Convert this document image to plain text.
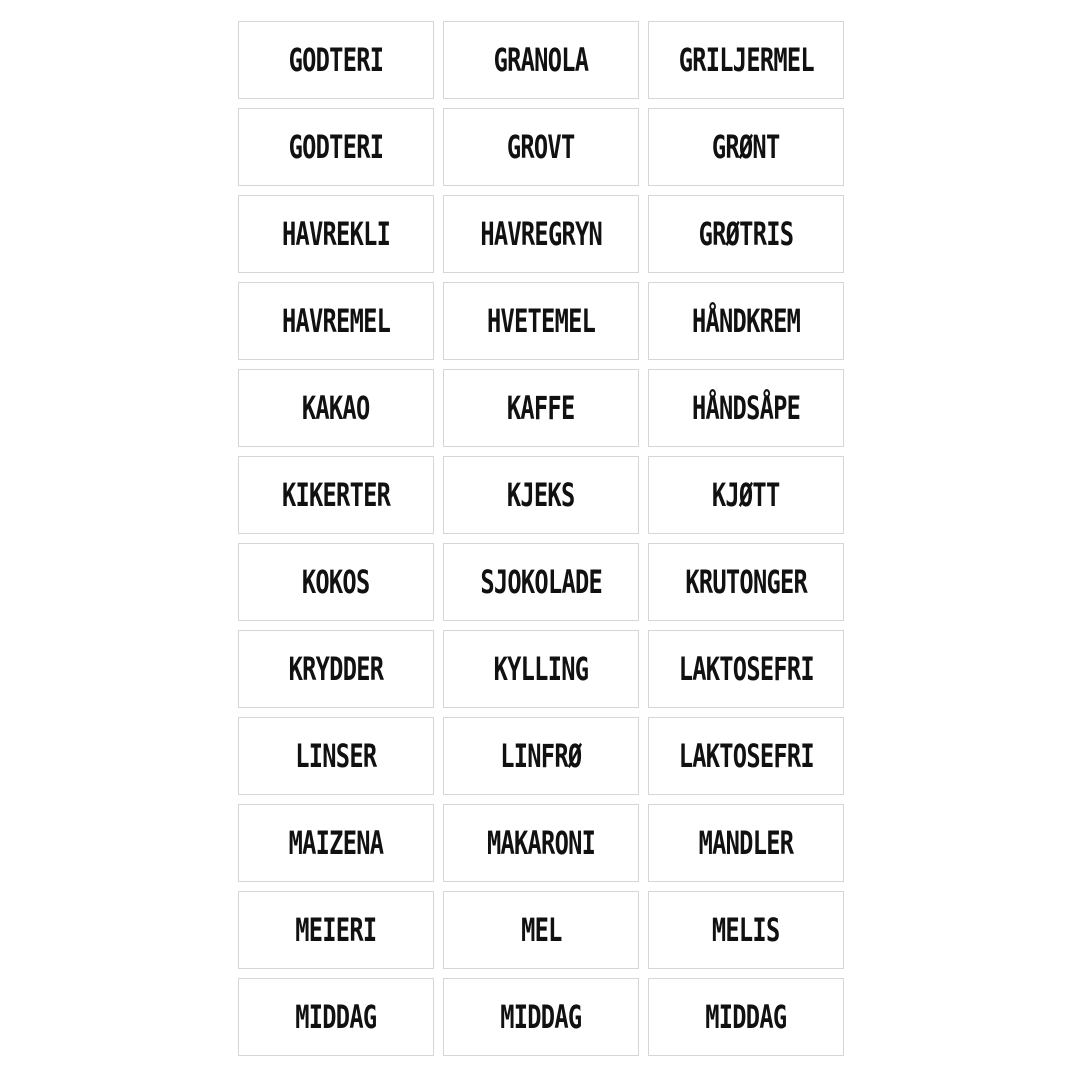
GODTERI	GRANOLA	GRILJERMEL
GODTERI	GROVT	GRØNT
HAVREKLI	HAVREGRYN	GRØTRIS
HAVREMEL	HVETEMEL	HÅNDKREM
KAKAO	KAFFE	HÅNDSÅPE
KIKERTER	KJEKS	KJØTT
KOKOS	SJOKOLADE	KRUTONGER
KRYDDER	KYLLING	LAKTOSEFRI
LINSER	LINFRØ	LAKTOSEFRI
MAIZENA	MAKARONI	MANDLER
MEIERI	MEL	MELIS
MIDDAG	MIDDAG	MIDDAG
